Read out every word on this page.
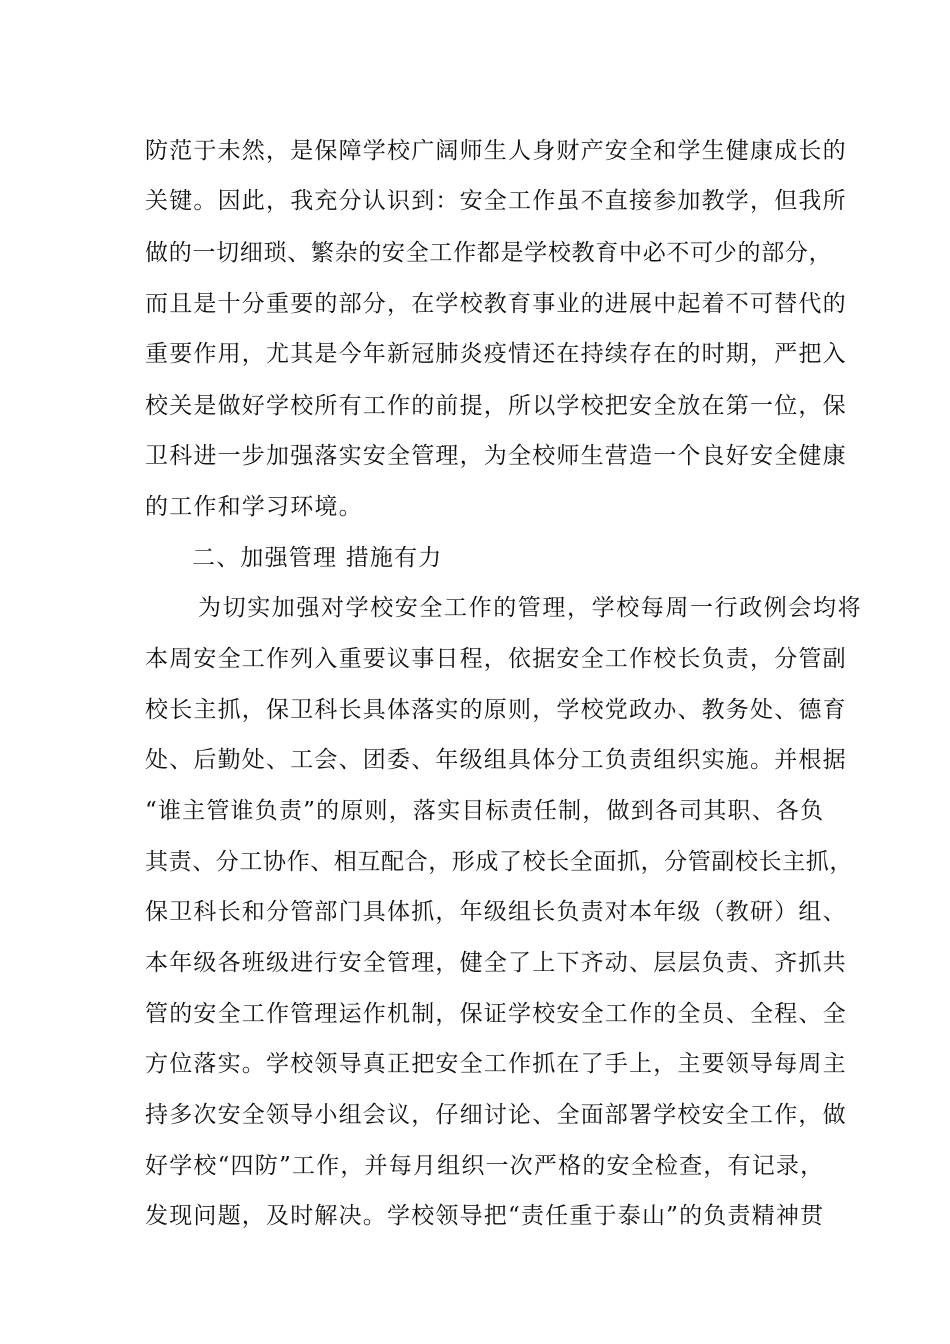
防范于未然，是保障学校广阔师生人身财产安全和学生健康成长的

关键。因此，我充分认识到：安全工作虽不直接参加教学，但我所

做的一切细琐、繁杂的安全工作都是学校教育中必不可少的部分，

而且是十分重要的部分，在学校教育事业的进展中起着不可替代的

重要作用，尤其是今年新冠肺炎疫情还在持续存在的时期，严把入

校关是做好学校所有工作的前提，所以学校把安全放在第一位，保

卫科进一步加强落实安全管理，为全校师生营造一个良好安全健康

的工作和学习环境。

二、加强管理 措施有力

为切实加强对学校安全工作的管理，学校每周一行政例会均将

本周安全工作列入重要议事日程，依据安全工作校长负责，分管副

校长主抓，保卫科长具体落实的原则，学校党政办、教务处、德育

处、后勤处、工会、团委、年级组具体分工负责组织实施。并根据

“谁主管谁负责”的原则，落实目标责任制，做到各司其职、各负

其责、分工协作、相互配合，形成了校长全面抓，分管副校长主抓，

保卫科长和分管部门具体抓，年级组长负责对本年级（教研）组、

本年级各班级进行安全管理，健全了上下齐动、层层负责、齐抓共

管的安全工作管理运作机制，保证学校安全工作的全员、全程、全

方位落实。学校领导真正把安全工作抓在了手上，主要领导每周主

持多次安全领导小组会议，仔细讨论、全面部署学校安全工作，做

好学校“四防”工作，并每月组织一次严格的安全检查，有记录，

发现问题，及时解决。学校领导把“责任重于泰山”的负责精神贯
